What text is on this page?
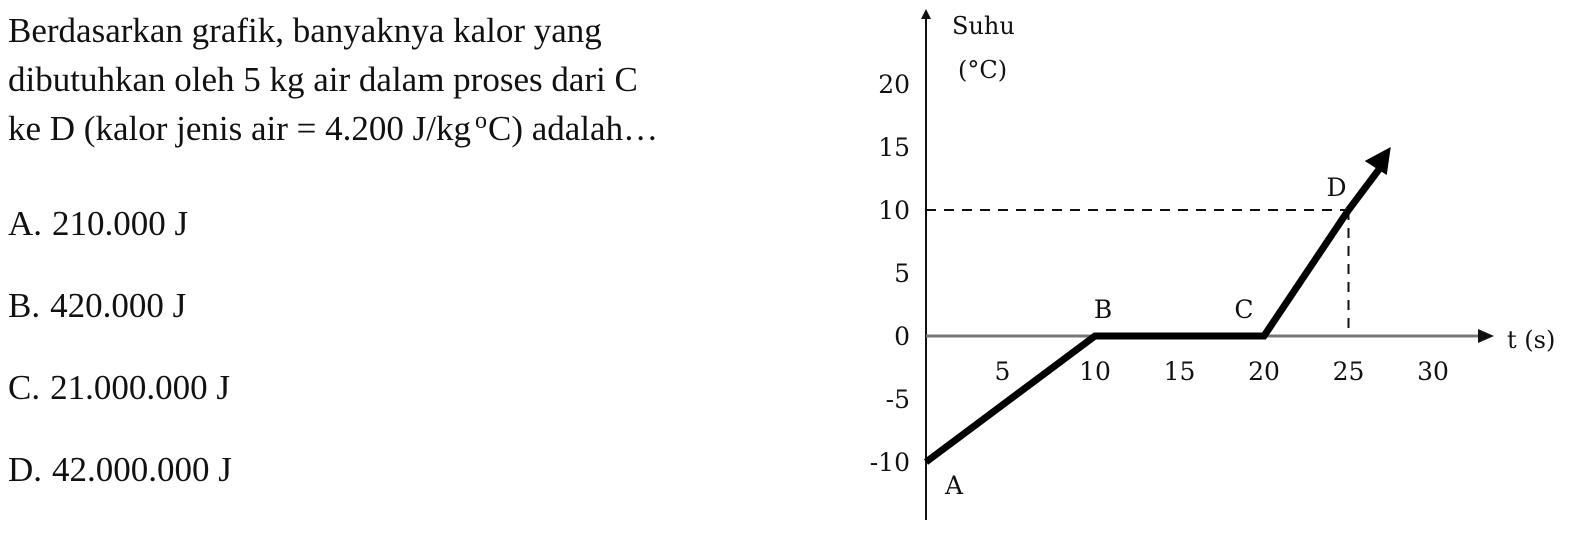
Berdasarkan grafik, banyaknya kalor yang
dibutuhkan oleh 5 kg air dalam proses dari C
ke D (kalor jenis air = 4.200 J/kg $^o$C) adalah…
A. 210.000 J
B. 420.000 J
C. 21.000.000 J
D. 42.000.000 J
20
15
10
5
0
-5
-10
5	10 15 20 25 30
A
B	C
D
Suhu
(°C)
t (s)
